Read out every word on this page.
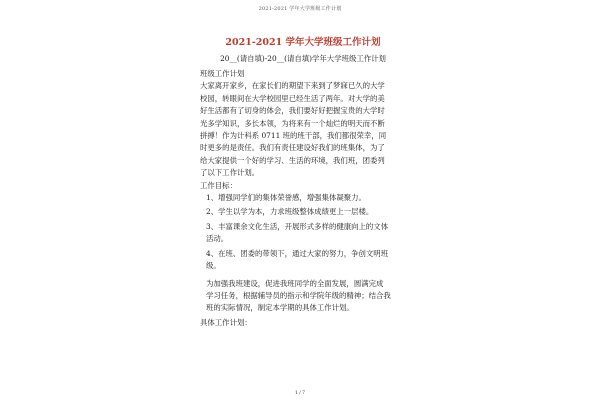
2021-2021 学年大学班级工作计划
2021-2021 学年大学班级工作计划
20__(请自填)-20__(请自填)学年大学班级工作计划
班级工作计划
大家离开家乡，在家长们的期望下来到了梦寐已久的大学
校园，转眼间在大学校园里已经生活了两年。对大学的美
好生活都有了切身的体会，我们要好好把握宝贵的大学时
光多学知识，多长本领，为将来有一个灿烂的明天而不断
拼搏！作为计科系 0711 班的班干部，我们都很荣幸，同
时更多的是责任。我们有责任建设好我们的班集体，为了
给大家提供一个好的学习、生活的环境，我们班，团委列
了以下工作计划。
工作目标：
1、增强同学们的集体荣誉感，增强集体凝聚力。
2、学生以学为本，力求班级整体成绩更上一层楼。
3、丰富课余文化生活，开展形式多样的健康向上的文体
活动。
4、在班、团委的带领下，通过大家的努力，争创文明班
级。
为加强我班建设，促进我班同学的全面发展，圆满完成
学习任务，根据辅导员的指示和学院年级的精神；结合我
班的实际情况，制定本学期的具体工作计划。
具体工作计划：
1 / 7
